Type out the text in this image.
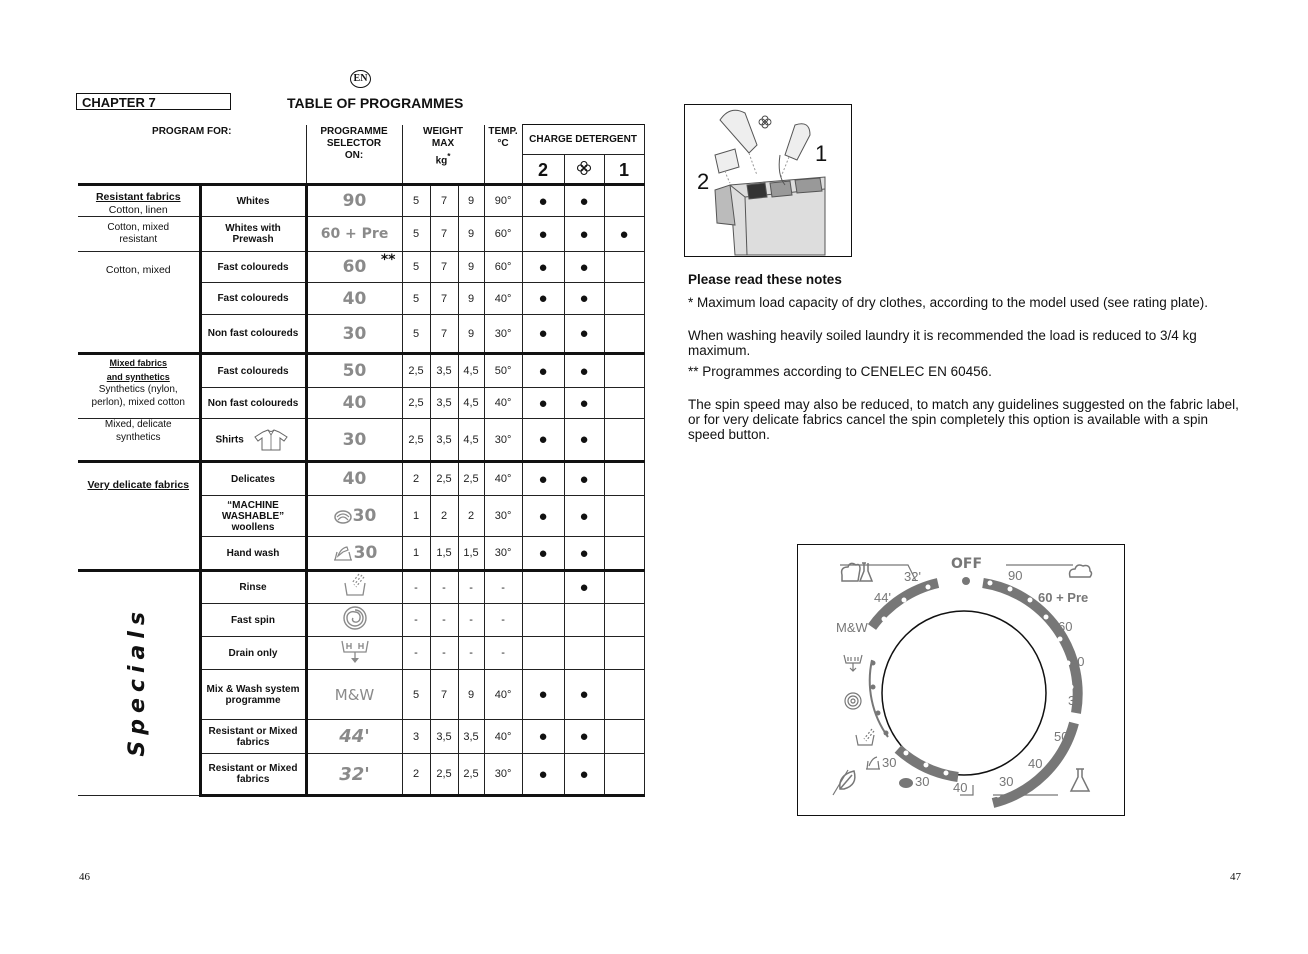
EN
CHAPTER 7	TABLE OF PROGRAMMES
PROGRAM FOR:		PROGRAMME
SELECTOR
ON:	WEIGHT
MAX
kg*			TEMP.
°C	CHARGE DETERGENT		
							2		1
Resistant fabrics
Cotton, linen	Whites	90	5	7	9	90°	●	●	
Cotton, mixed
resistant	Whites with Prewash	60 + Pre	5	7	9	60°	●	●	●
Cotton, mixed	Fast coloureds	60 **	5	7	9	60°	●	●	
	Fast coloureds	40	5	7	9	40°	●	●	
	Non fast coloureds	30	5	7	9	30°	●	●	
Mixed fabrics
and synthetics
Synthetics (nylon,
perlon), mixed cotton	Fast coloureds	50	2,5	3,5	4,5	50°	●	●	
	Non fast coloureds	40	2,5	3,5	4,5	40°	●	●	
Mixed, delicate
synthetics	Shirts	30	2,5	3,5	4,5	30°	●	●	
Very delicate fabrics	Delicates	40	2	2,5	2,5	40°	●	●	
	“MACHINE WASHABLE” woollens	30	1	2	2	30°	●	●	
	Hand wash	30	1	1,5	1,5	30°	●	●	
Specials	Rinse		-	-	-	-		●	
	Fast spin		-	-	-	-			
	Drain only		-	-	-	-			
	Mix & Wash system programme	M&W	5	7	9	40°	●	●	
	Resistant or Mixed fabrics	44'	3	3,5	3,5	40°	●	●	
	Resistant or Mixed fabrics	32'	2	2,5	2,5	30°	●	●	
2
1

Please read these notes

* Maximum load capacity of dry clothes, according to the model used (see rating plate).

When washing heavily soiled laundry it is recommended the load is reduced to 3/4 kg maximum.

** Programmes according to CENELEC EN 60456.

The spin speed may also be reduced, to match any guidelines suggested on the fabric label, or for very delicate fabrics cancel the spin completely this option is available with a spin speed button.

OFF
90
60 + Pre
60
40
30
50
40
30
40
30
30
32'
44'
M&W
46	47
